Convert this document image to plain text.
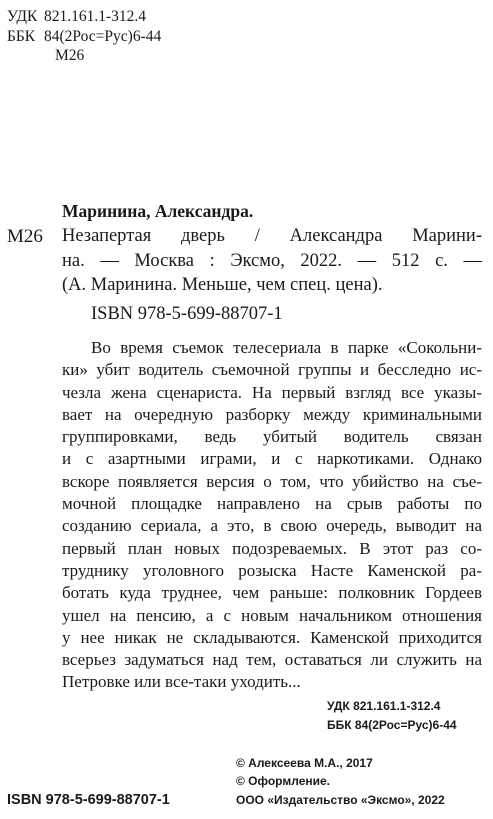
УДК 821.161.1-312.4
ББК 84(2Рос=Рус)6-44
М26
Маринина, Александра.
М26 Незапертая дверь / Александра Марини-
на. — Москва : Эксмо, 2022. — 512 с. —
(А. Маринина. Меньше, чем спец. цена).
ISBN 978-5-699-88707-1
Во время съемок телесериала в парке «Сокольни-
ки» убит водитель съемочной группы и бесследно ис-
чезла жена сценариста. На первый взгляд все указы-
вает на очередную разборку между криминальными
группировками, ведь убитый водитель связан
и с азартными играми, и с наркотиками. Однако
вскоре появляется версия о том, что убийство на съе-
мочной площадке направлено на срыв работы по
созданию сериала, а это, в свою очередь, выводит на
первый план новых подозреваемых. В этот раз со-
труднику уголовного розыска Насте Каменской ра-
ботать куда труднее, чем раньше: полковник Гордеев
ушел на пенсию, а с новым начальником отношения
у нее никак не складываются. Каменской приходится
всерьез задуматься над тем, оставаться ли служить на
Петровке или все-таки уходить...
УДК 821.161.1-312.4
ББК 84(2Рос=Рус)6-44
© Алексеева М.А., 2017
© Оформление.
ООО «Издательство «Эксмо», 2022
ISBN 978-5-699-88707-1
